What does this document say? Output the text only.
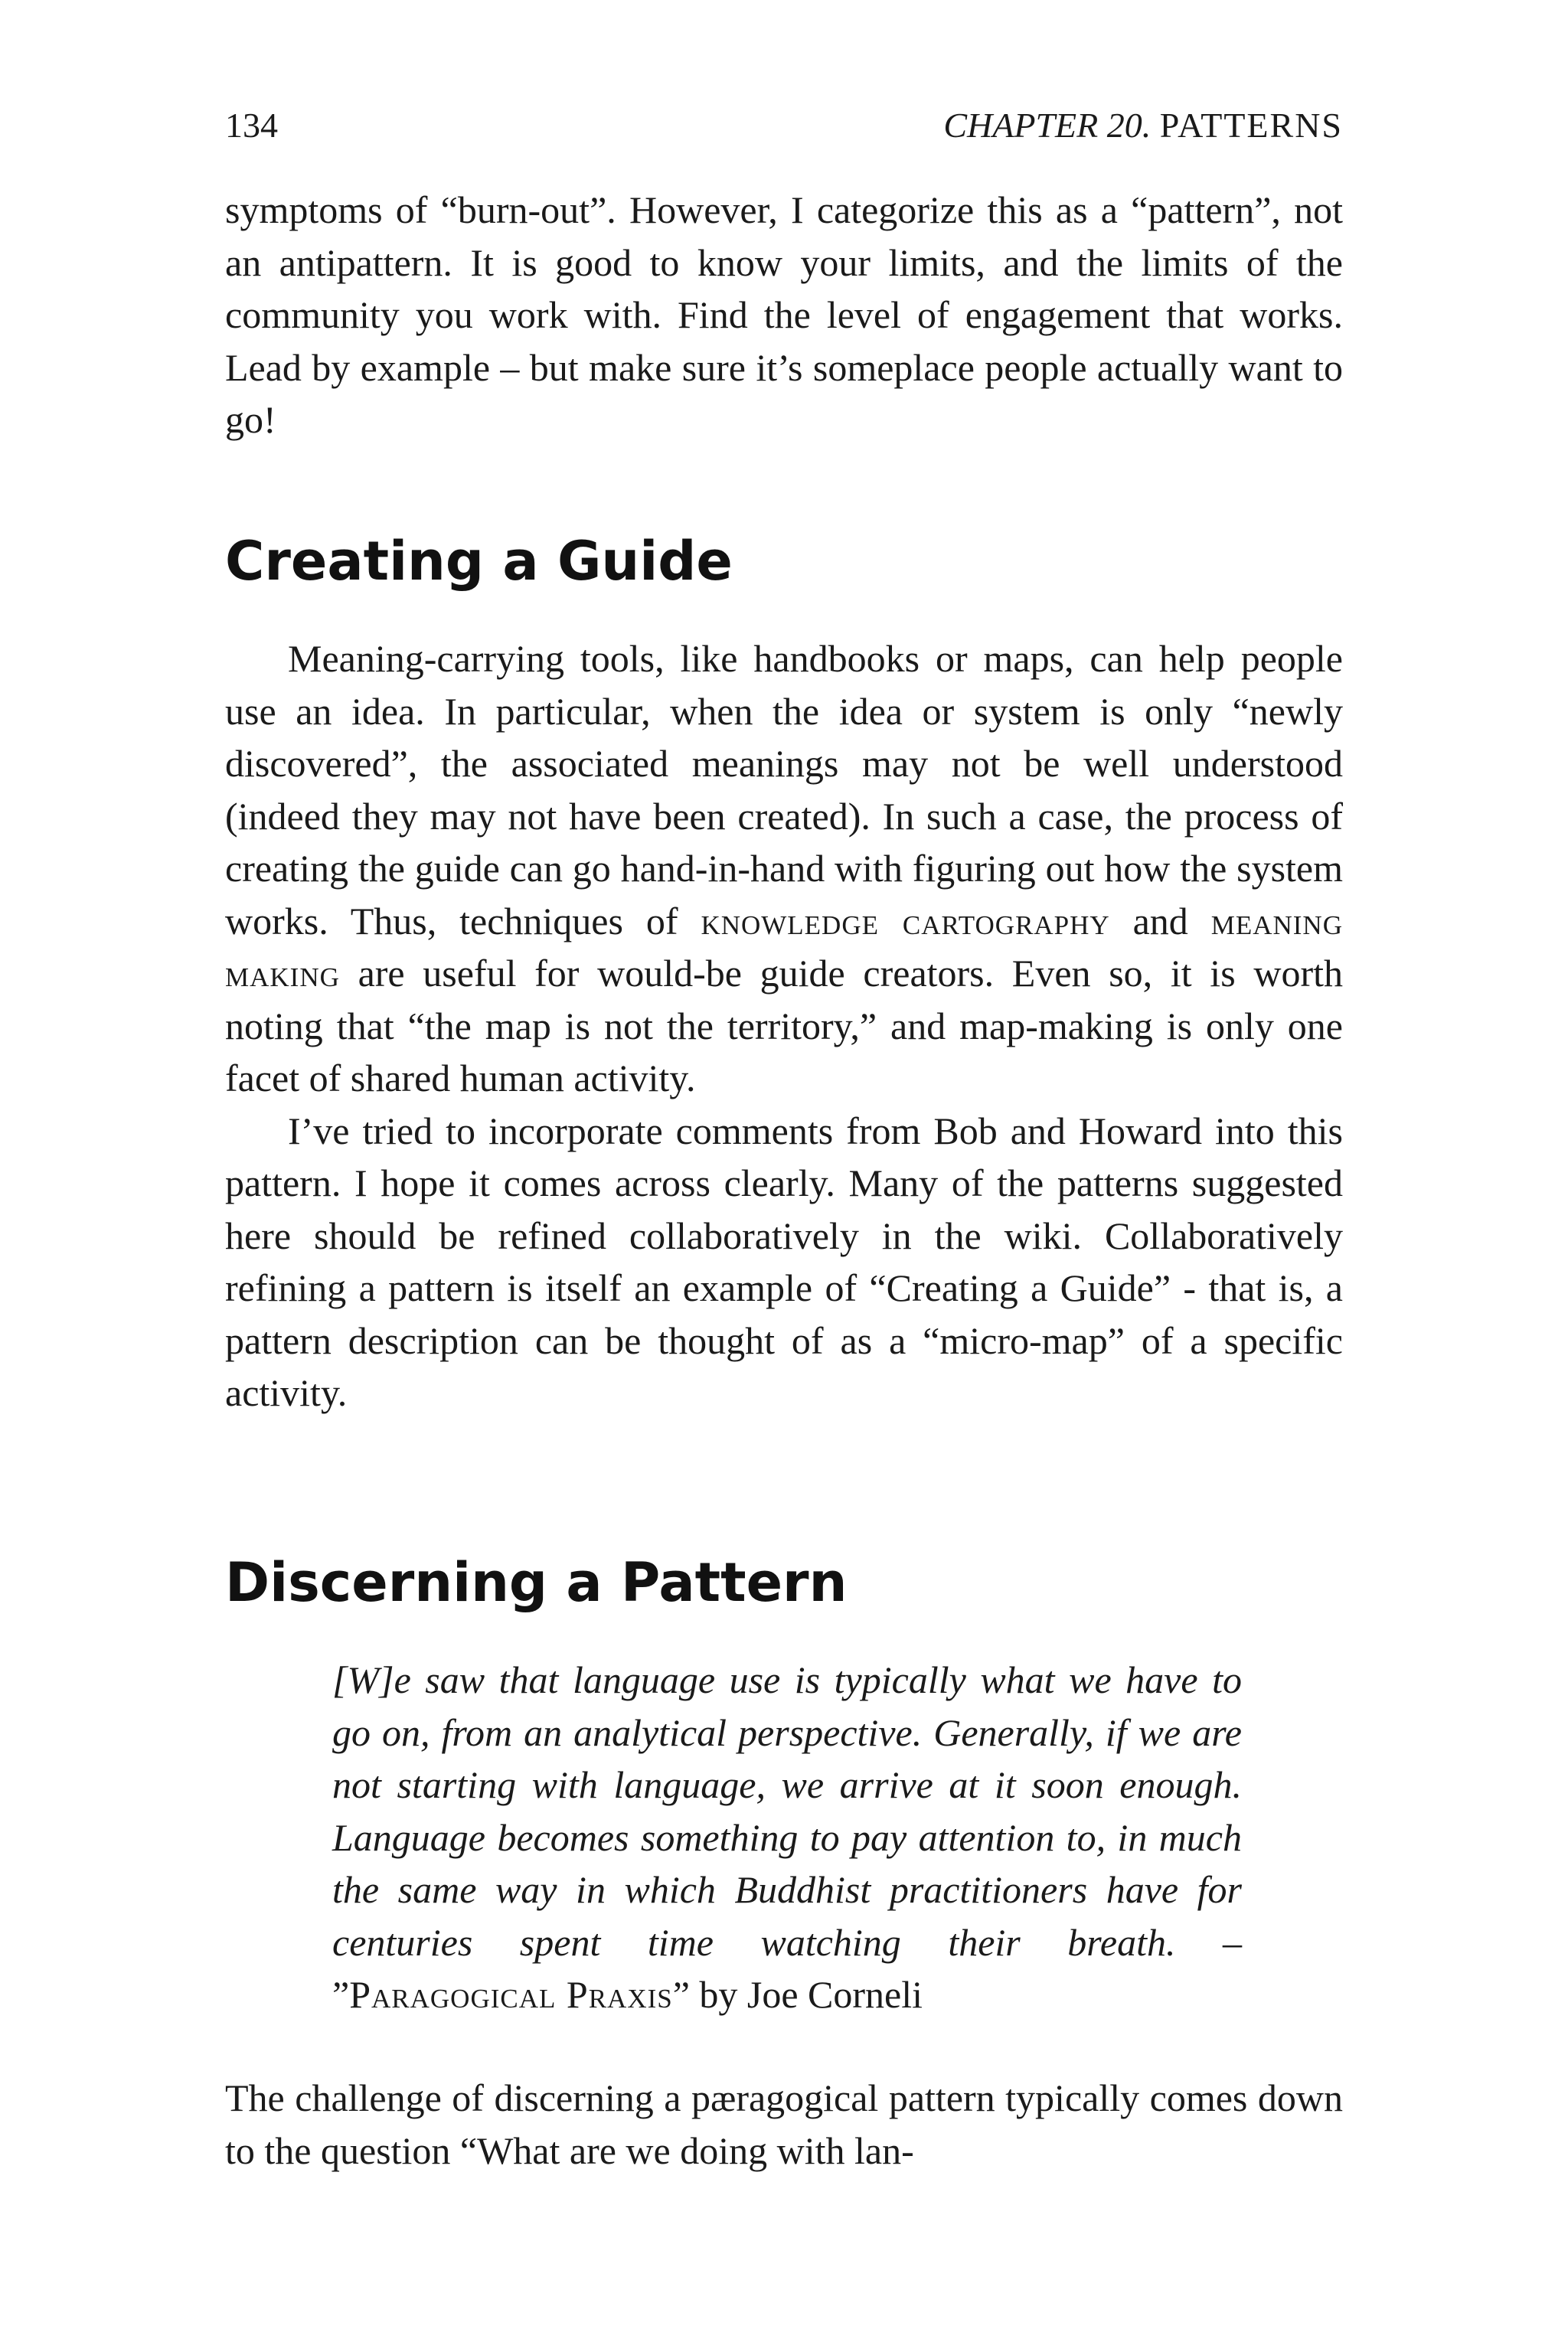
134	CHAPTER 20. PATTERNS

symptoms of “burn-out”. However, I categorize this as a “pattern”, not an antipattern. It is good to know your limits, and the limits of the community you work with. Find the level of engagement that works. Lead by example – but make sure it’s someplace people actually want to go!

Creating a Guide

Meaning-carrying tools, like handbooks or maps, can help people use an idea. In particular, when the idea or system is only “newly discovered”, the associated meanings may not be well understood (indeed they may not have been created). In such a case, the process of creating the guide can go hand-in-hand with figuring out how the system works. Thus, techniques of knowledge cartography and meaning making are useful for would-be guide creators. Even so, it is worth noting that “the map is not the territory,” and map-making is only one facet of shared human activity.

I’ve tried to incorporate comments from Bob and Howard into this pattern. I hope it comes across clearly. Many of the patterns suggested here should be refined collaboratively in the wiki. Collaboratively refining a pattern is itself an example of “Creating a Guide” - that is, a pattern description can be thought of as a “micro-map” of a specific activity.

Discerning a Pattern
[W]e saw that language use is typically what we have to go on, from an analytical perspective. Generally, if we are not starting with language, we arrive at it soon enough. Language becomes something to pay attention to, in much the same way in which Buddhist practitioners have for centuries spent time watching their breath. – ”Paragogical Praxis” by Joe Corneli

The challenge of discerning a pæragogical pattern typically comes down to the question “What are we doing with lan-
